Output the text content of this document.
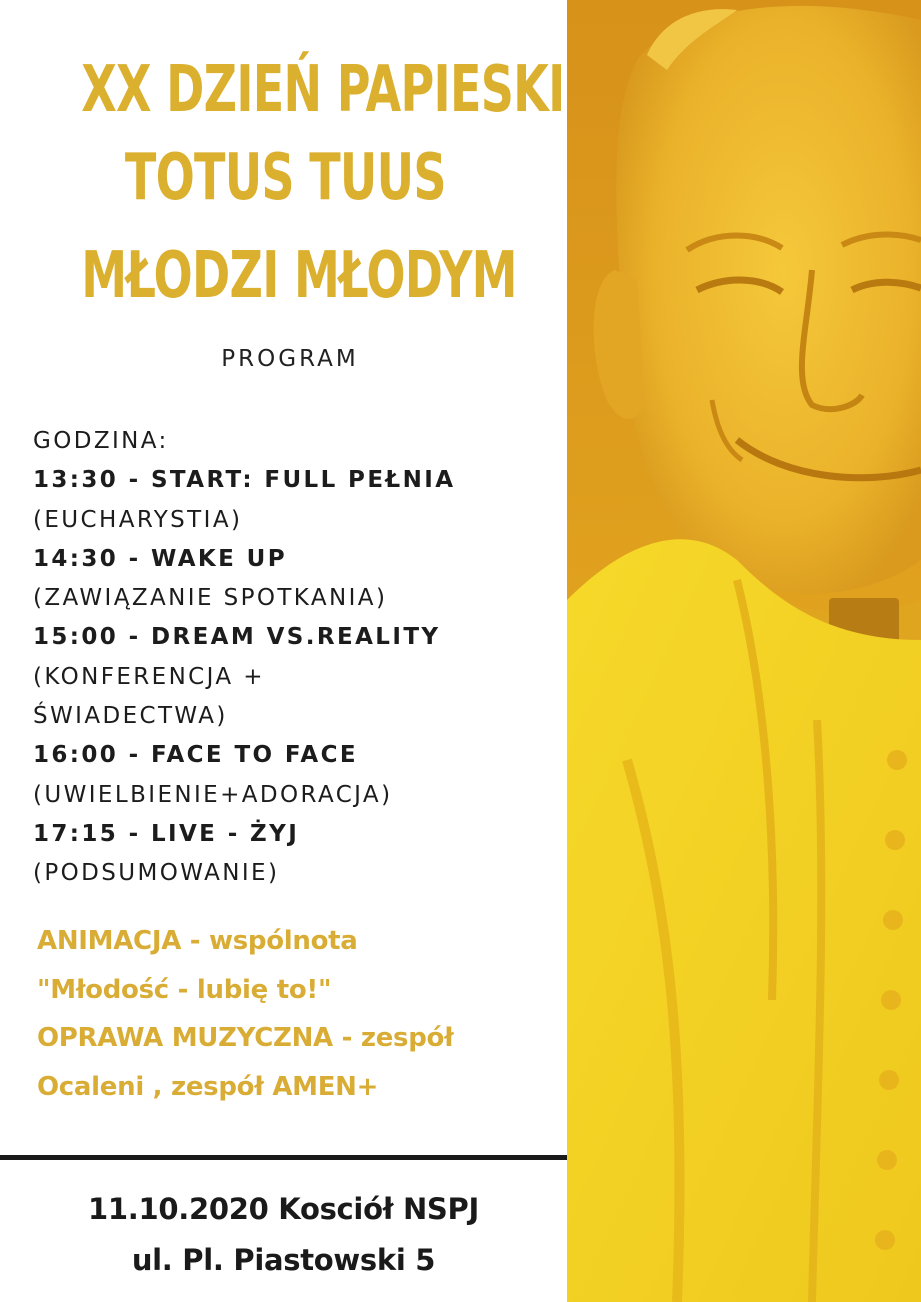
XX DZIEŃ PAPIESKI
TOTUS TUUS
MŁODZI MŁODYM
PROGRAM
GODZINA:
13:30 - START: FULL PEŁNIA
(EUCHARYSTIA)
14:30 - WAKE UP
(ZAWIĄZANIE SPOTKANIA)
15:00 - DREAM VS.REALITY
(KONFERENCJA +
ŚWIADECTWA)
16:00 - FACE TO FACE
(UWIELBIENIE+ADORACJA)
17:15 - LIVE - ŻYJ
(PODSUMOWANIE)
ANIMACJA - wspólnota
"Młodość - lubię to!"
OPRAWA MUZYCZNA - zespół
Ocaleni , zespół AMEN+
11.10.2020 Kosciół NSPJ
ul. Pl. Piastowski 5
